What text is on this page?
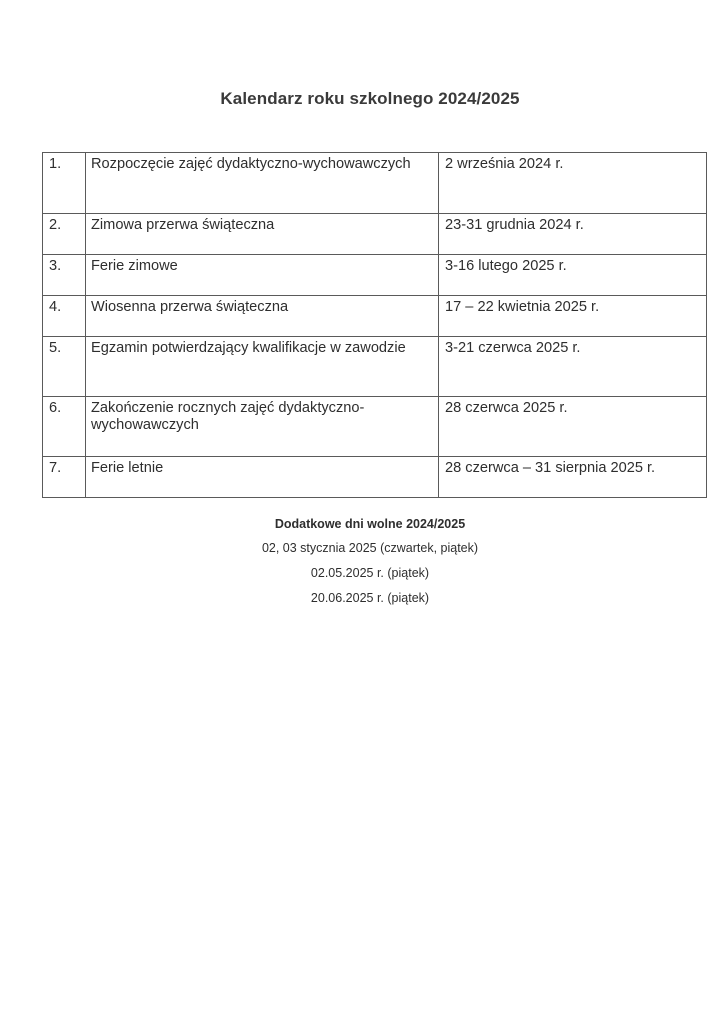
Kalendarz roku szkolnego 2024/2025
1.	Rozpoczęcie zajęć dydaktyczno-wychowawczych	2 września 2024 r.
2.	Zimowa przerwa świąteczna	23-31 grudnia 2024 r.
3.	Ferie zimowe	3-16 lutego 2025 r.
4.	Wiosenna przerwa świąteczna	17 – 22 kwietnia 2025 r.
5.	Egzamin potwierdzający kwalifikacje w zawodzie	3-21 czerwca 2025 r.
6.	Zakończenie rocznych zajęć dydaktyczno-wychowawczych	28 czerwca 2025 r.
7.	Ferie letnie	28 czerwca – 31 sierpnia 2025 r.
Dodatkowe dni wolne 2024/2025
02, 03 stycznia 2025 (czwartek, piątek)
02.05.2025 r. (piątek)
20.06.2025 r. (piątek)
